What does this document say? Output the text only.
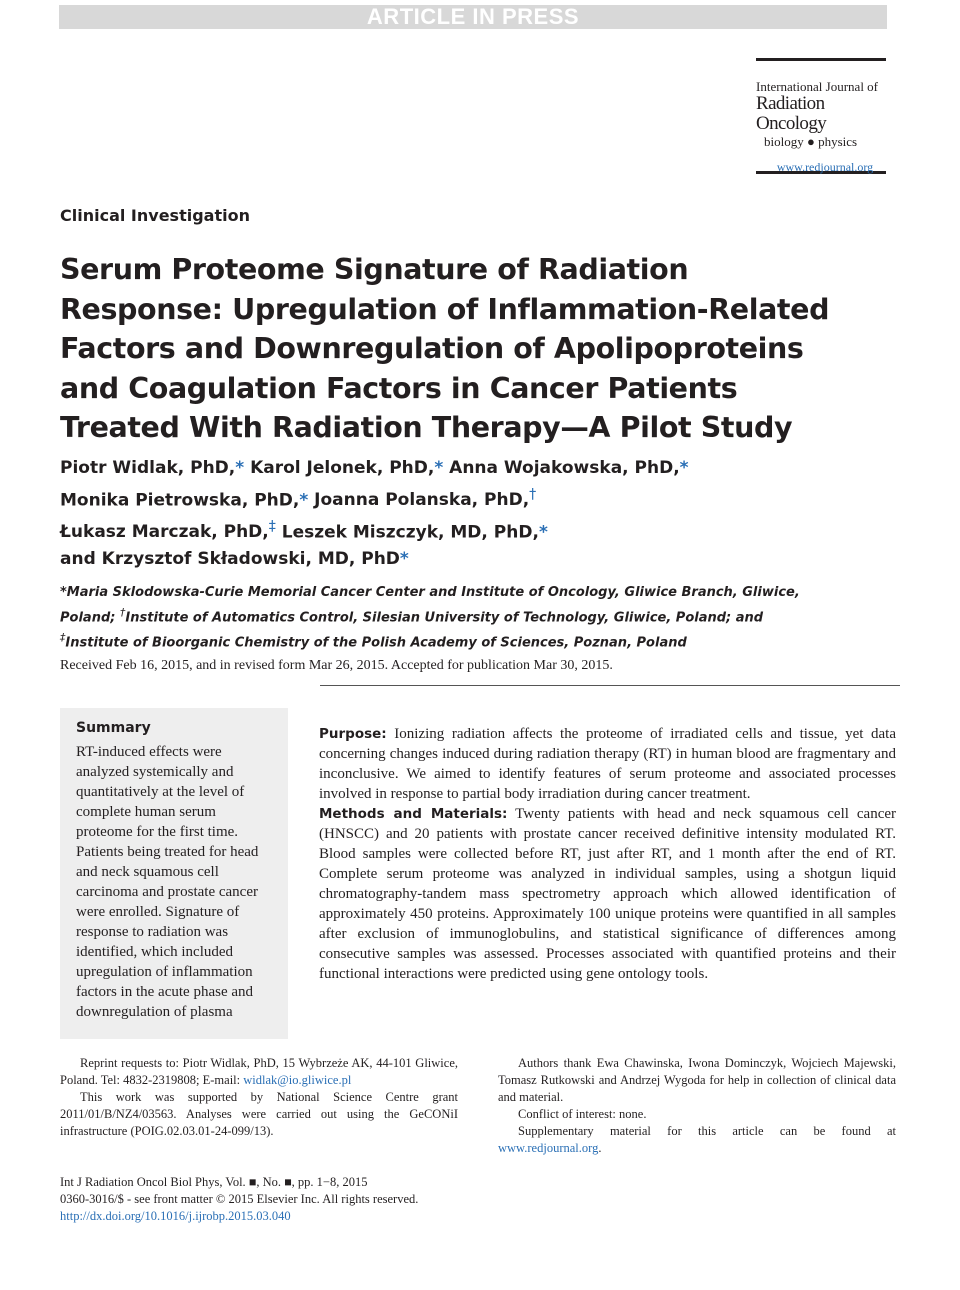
ARTICLE IN PRESS
International Journal of
Radiation Oncology
biology ● physics
www.redjournal.org
Clinical Investigation
Serum Proteome Signature of Radiation Response: Upregulation of Inflammation-Related Factors and Downregulation of Apolipoproteins and Coagulation Factors in Cancer Patients Treated With Radiation Therapy—A Pilot Study
Piotr Widlak, PhD,* Karol Jelonek, PhD,* Anna Wojakowska, PhD,*
Monika Pietrowska, PhD,* Joanna Polanska, PhD,†
Łukasz Marczak, PhD,‡ Leszek Miszczyk, MD, PhD,*
and Krzysztof Składowski, MD, PhD*
*Maria Sklodowska-Curie Memorial Cancer Center and Institute of Oncology, Gliwice Branch, Gliwice, Poland; †Institute of Automatics Control, Silesian University of Technology, Gliwice, Poland; and
‡Institute of Bioorganic Chemistry of the Polish Academy of Sciences, Poznan, Poland
Received Feb 16, 2015, and in revised form Mar 26, 2015. Accepted for publication Mar 30, 2015.
Summary
RT-induced effects were analyzed systemically and quantitatively at the level of complete human serum proteome for the first time. Patients being treated for head and neck squamous cell carcinoma and prostate cancer were enrolled. Signature of response to radiation was identified, which included upregulation of inflammation factors in the acute phase and downregulation of plasma

Purpose: Ionizing radiation affects the proteome of irradiated cells and tissue, yet data concerning changes induced during radiation therapy (RT) in human blood are fragmentary and inconclusive. We aimed to identify features of serum proteome and associated processes involved in response to partial body irradiation during cancer treatment.

Methods and Materials: Twenty patients with head and neck squamous cell cancer (HNSCC) and 20 patients with prostate cancer received definitive intensity modulated RT. Blood samples were collected before RT, just after RT, and 1 month after the end of RT. Complete serum proteome was analyzed in individual samples, using a shotgun liquid chromatography-tandem mass spectrometry approach which allowed identification of approximately 450 proteins. Approximately 100 unique proteins were quantified in all samples after exclusion of immunoglobulins, and statistical significance of differences among consecutive samples was assessed. Processes associated with quantified proteins and their functional interactions were predicted using gene ontology tools.

Reprint requests to: Piotr Widlak, PhD, 15 Wybrzeże AK, 44-101 Gliwice, Poland. Tel: 4832-2319808; E-mail: widlak@io.gliwice.pl

This work was supported by National Science Centre grant 2011/01/B/NZ4/03563. Analyses were carried out using the GeCONiI infrastructure (POIG.02.03.01-24-099/13).

Authors thank Ewa Chawinska, Iwona Dominczyk, Wojciech Majewski, Tomasz Rutkowski and Andrzej Wygoda for help in collection of clinical data and material.

Conflict of interest: none.

Supplementary material for this article can be found at www.redjournal.org.

Int J Radiation Oncol Biol Phys, Vol. ■, No. ■, pp. 1−8, 2015
0360-3016/$ - see front matter © 2015 Elsevier Inc. All rights reserved.
http://dx.doi.org/10.1016/j.ijrobp.2015.03.040
